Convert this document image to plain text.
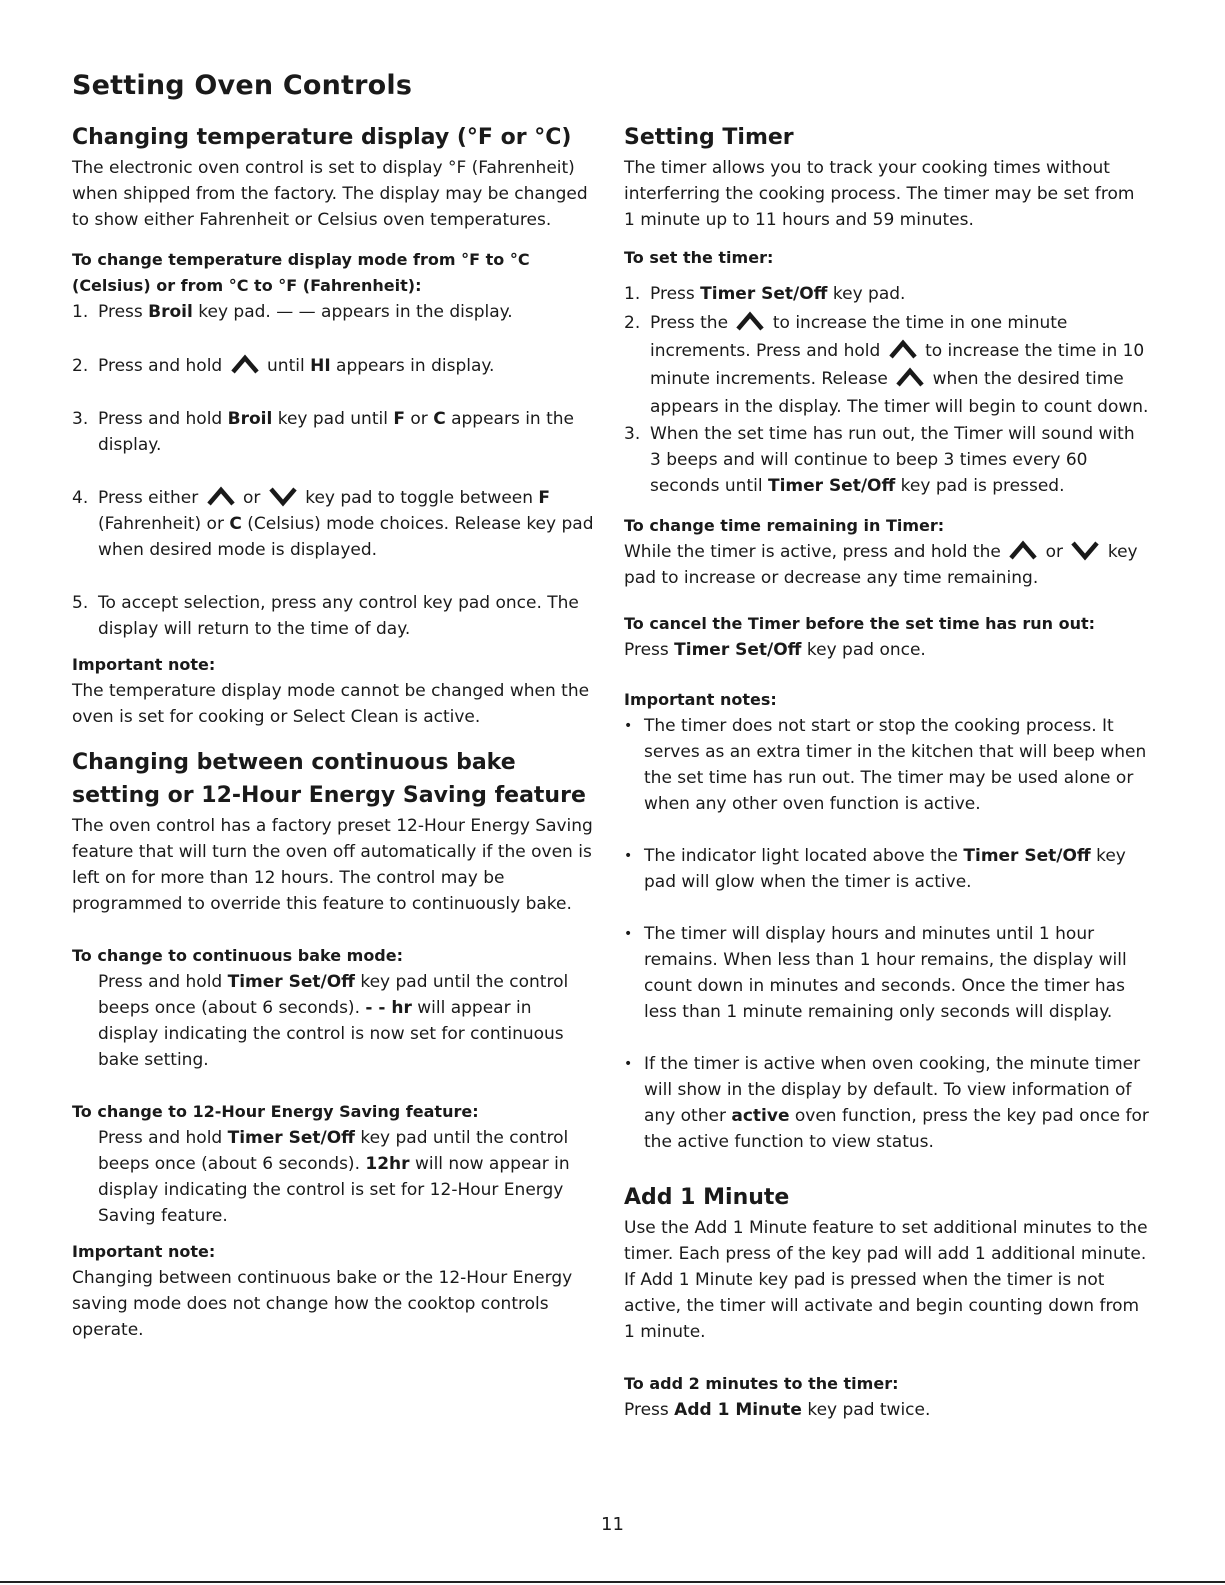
Setting Oven Controls
Changing temperature display (°F or °C)

The electronic oven control is set to display °F (Fahrenheit) when shipped from the factory. The display may be changed to show either Fahrenheit or Celsius oven temperatures.

To change temperature display mode from °F to °C (Celsius) or from °C to °F (Fahrenheit):
1. Press Broil key pad. — — appears in the display.
2. Press and hold  until HI appears in display.
3. Press and hold Broil key pad until F or C appears in the display.
4. Press either  or  key pad to toggle between F (Fahrenheit) or C (Celsius) mode choices. Release key pad when desired mode is displayed.
5. To accept selection, press any control key pad once. The display will return to the time of day.
Important note:

The temperature display mode cannot be changed when the oven is set for cooking or Select Clean is active.

Changing between continuous bake setting or 12-Hour Energy Saving feature

The oven control has a factory preset 12-Hour Energy Saving feature that will turn the oven off automatically if the oven is left on for more than 12 hours. The control may be programmed to override this feature to continuously bake.

To change to continuous bake mode:

Press and hold Timer Set/Off key pad until the control beeps once (about 6 seconds). - - hr will appear in display indicating the control is now set for continuous bake setting.

To change to 12-Hour Energy Saving feature:

Press and hold Timer Set/Off key pad until the control beeps once (about 6 seconds). 12hr will now appear in display indicating the control is set for 12-Hour Energy Saving feature.

Important note:

Changing between continuous bake or the 12-Hour Energy saving mode does not change how the cooktop controls operate.

Setting Timer

The timer allows you to track your cooking times without interferring the cooking process. The timer may be set from 1 minute up to 11 hours and 59 minutes.

To set the timer:
1. Press Timer Set/Off key pad.
2. Press the  to increase the time in one minute increments. Press and hold  to increase the time in 10 minute increments. Release  when the desired time appears in the display. The timer will begin to count down.
3. When the set time has run out, the Timer will sound with 3 beeps and will continue to beep 3 times every 60 seconds until Timer Set/Off key pad is pressed.
To change time remaining in Timer:

While the timer is active, press and hold the  or  key pad to increase or decrease any time remaining.

To cancel the Timer before the set time has run out:

Press Timer Set/Off key pad once.

Important notes:
• The timer does not start or stop the cooking process. It serves as an extra timer in the kitchen that will beep when the set time has run out. The timer may be used alone or when any other oven function is active.
• The indicator light located above the Timer Set/Off key pad will glow when the timer is active.
• The timer will display hours and minutes until 1 hour remains. When less than 1 hour remains, the display will count down in minutes and seconds. Once the timer has less than 1 minute remaining only seconds will display.
• If the timer is active when oven cooking, the minute timer will show in the display by default. To view information of any other active oven function, press the key pad once for the active function to view status.
Add 1 Minute

Use the Add 1 Minute feature to set additional minutes to the timer. Each press of the key pad will add 1 additional minute. If Add 1 Minute key pad is pressed when the timer is not active, the timer will activate and begin counting down from 1 minute.

To add 2 minutes to the timer:

Press Add 1 Minute key pad twice.

11
